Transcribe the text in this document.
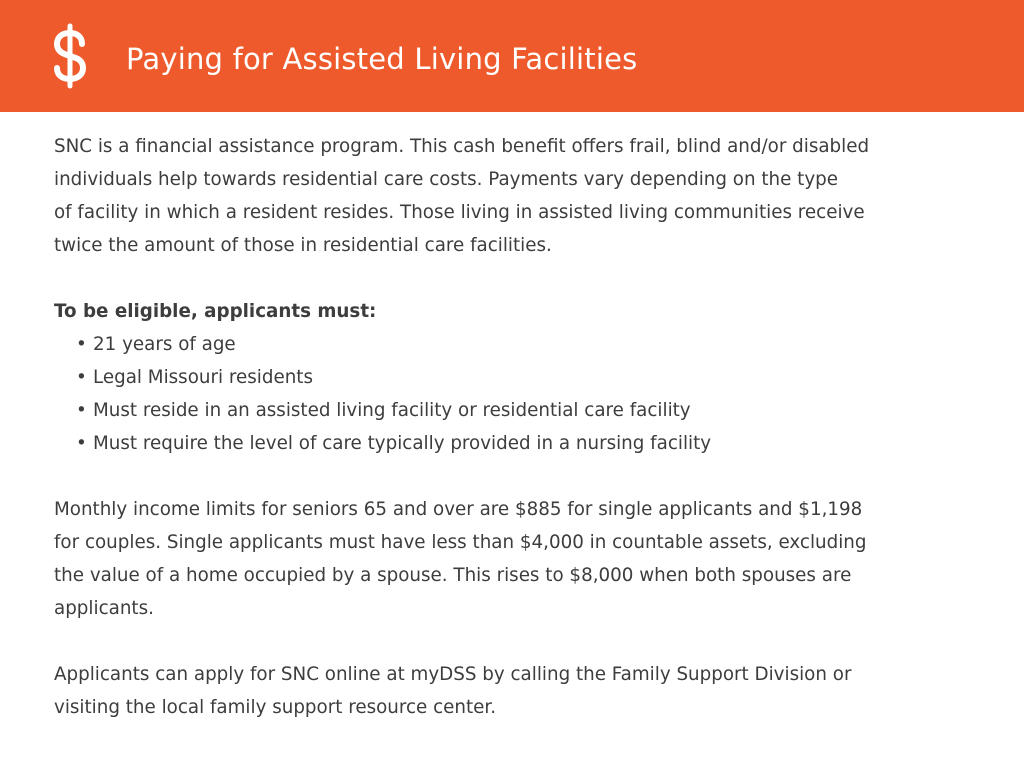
Paying for Assisted Living Facilities

SNC is a financial assistance program. This cash benefit offers frail, blind and/or disabled
individuals help towards residential care costs. Payments vary depending on the type
of facility in which a resident resides. Those living in assisted living communities receive
twice the amount of those in residential care facilities.

To be eligible, applicants must:
• 21 years of age
• Legal Missouri residents
• Must reside in an assisted living facility or residential care facility
• Must require the level of care typically provided in a nursing facility

Monthly income limits for seniors 65 and over are $885 for single applicants and $1,198
for couples. Single applicants must have less than $4,000 in countable assets, excluding
the value of a home occupied by a spouse. This rises to $8,000 when both spouses are
applicants.

Applicants can apply for SNC online at myDSS by calling the Family Support Division or
visiting the local family support resource center.
